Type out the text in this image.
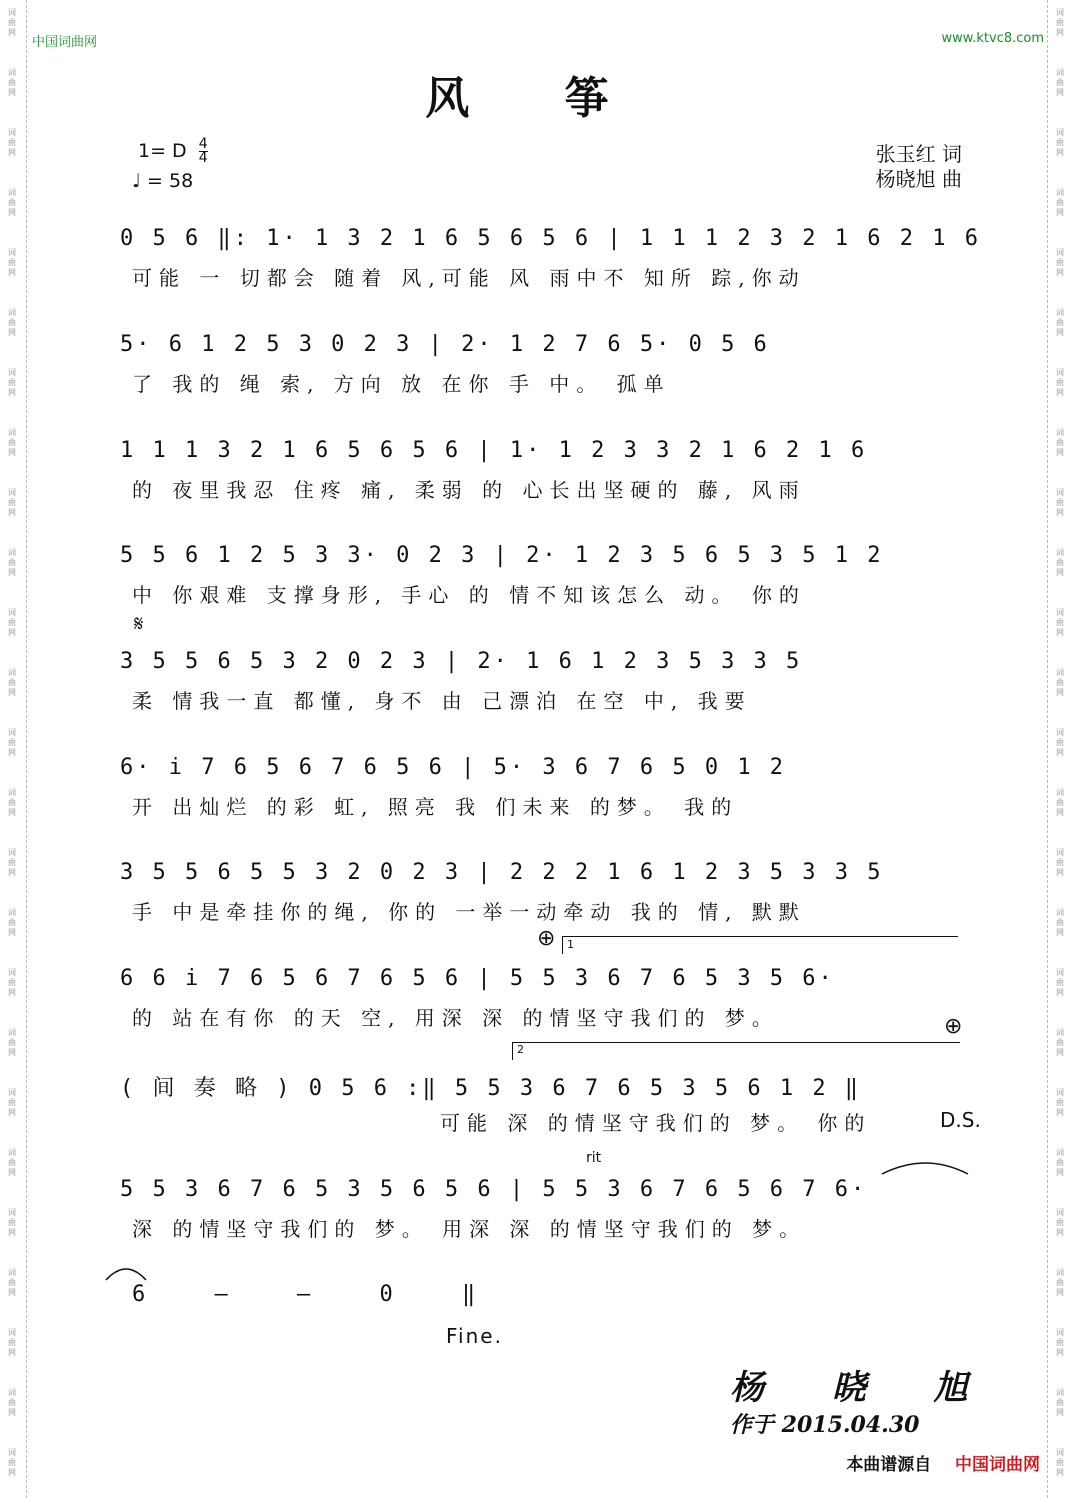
词
曲
网
词
曲
网
词
曲
网
词
曲
网
词
曲
网
词
曲
网
词
曲
网
词
曲
网
词
曲
网
词
曲
网
词
曲
网
词
曲
网
词
曲
网
词
曲
网
词
曲
网
词
曲
网
词
曲
网
词
曲
网
词
曲
网
词
曲
网
词
曲
网
词
曲
网
词
曲
网
词
曲
网
词
曲
网
词
曲
网
词
曲
网
词
曲
网
词
曲
网
词
曲
网
词
曲
网
词
曲
网
词
曲
网
词
曲
网
词
曲
网
词
曲
网
词
曲
网
词
曲
网
词
曲
网
词
曲
网
词
曲
网
词
曲
网
词
曲
网
词
曲
网
词
曲
网
词
曲
网
词
曲
网
词
曲
网
词
曲
网
词
曲
网
中国词曲网	www.ktvc8.com
风 筝
1= D $\frac{4}{4}$
♩ = 58
张玉红 词
杨晓旭 曲
0 5 6 ‖: 1· 1 3 2 1 6 5 6 5 6 | 1 1 1 2 3 2 1 6 2 1 6
可能 一 切都会 随着 风,可能 风 雨中不 知所 踪,你动
5· 6 1 2 5 3 0 2 3 | 2· 1 2 7 6 5· 0 5 6
了 我的 绳 索, 方向 放 在你 手 中。 孤单
1 1 1 3 2 1 6 5 6 5 6 | 1· 1 2 3 3 2 1 6 2 1 6
的 夜里我忍 住疼 痛, 柔弱 的 心长出坚硬的 藤, 风雨
5 5 6 1 2 5 3 3· 0 2 3 | 2· 1 2 3 5 6 5 3 5 1 2
中 你艰难 支撑身形, 手心 的 情不知该怎么 动。 你的
𝄋
3 5 5 6 5 3 2 0 2 3 | 2· 1 6 1 2 3 5 3 3 5
柔 情我一直 都懂, 身不 由 己漂泊 在空 中, 我要
6· i 7 6 5 6 7 6 5 6 | 5· 3 6 7 6 5 0 1 2
开 出灿烂 的彩 虹, 照亮 我 们未来 的梦。 我的
3 5 5 6 5 5 3 2 0 2 3 | 2 2 2 1 6 1 2 3 5 3 3 5
手 中是牵挂你的绳, 你的 一举一动牵动 我的 情, 默默
⊕ 1
6 6 i 7 6 5 6 7 6 5 6 | 5 5 3 6 7 6 5 3 5 6·
的 站在有你 的天 空, 用深 深 的情坚守我们的 梦。	⊕
2
( 间 奏 略 ) 0 5 6 :‖ 5 5 3 6 7 6 5 3 5 6 1 2 ‖
可能 深 的情坚守我们的 梦。 你的	D.S.
rit
5 5 3 6 7 6 5 3 5 6 5 6 | 5 5 3 6 7 6 5 6 7 6·
深 的情坚守我们的 梦。 用深 深 的情坚守我们的 梦。
6 – – 0 ‖
Fine.
杨 晓 旭
作于 2015.04.30
本曲谱源自 中国词曲网
